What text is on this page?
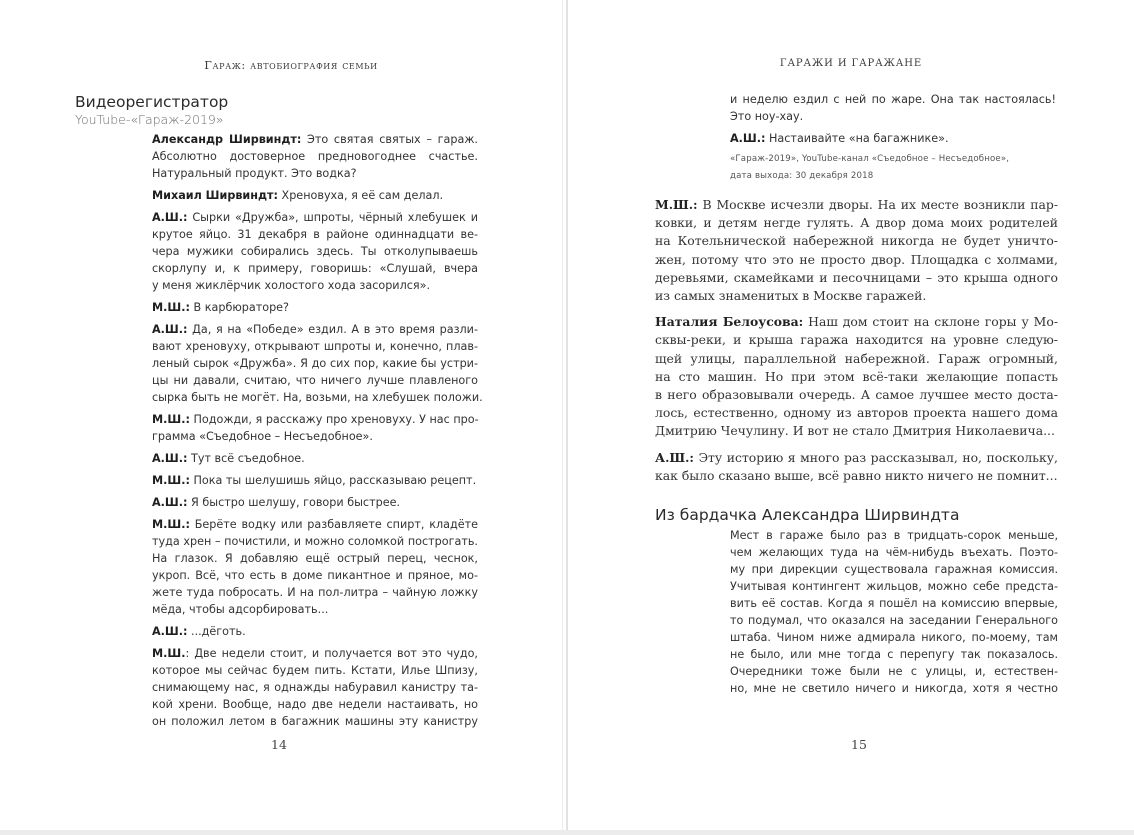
Гараж: автобиография семьи
Видеорегистратор
YouTube-«Гараж-2019»

Александр Ширвиндт: Это святая святых – гараж.
Абсолютно достоверное предновогоднее счастье.
Натуральный продукт. Это водка?

Михаил Ширвиндт: Хреновуха, я её сам делал.

А.Ш.: Сырки «Дружба», шпроты, чёрный хлебушек и
крутое яйцо. 31 декабря в районе одиннадцати ве-
чера мужики собирались здесь. Ты отколупываешь
скорлупу и, к примеру, говоришь: «Слушай, вчера
у меня жиклёрчик холостого хода засорился».

М.Ш.: В карбюраторе?

А.Ш.: Да, я на «Победе» ездил. А в это время разли-
вают хреновуху, открывают шпроты и, конечно, плав-
леный сырок «Дружба». Я до сих пор, какие бы устри-
цы ни давали, считаю, что ничего лучше плавленого
сырка быть не могёт. На, возьми, на хлебушек положи.

М.Ш.: Подожди, я расскажу про хреновуху. У нас про-
грамма «Съедобное – Несъедобное».

А.Ш.: Тут всё съедобное.

М.Ш.: Пока ты шелушишь яйцо, рассказываю рецепт.

А.Ш.: Я быстро шелушу, говори быстрее.

М.Ш.: Берёте водку или разбавляете спирт, кладёте
туда хрен – почистили, и можно соломкой построгать.
На глазок. Я добавляю ещё острый перец, чеснок,
укроп. Всё, что есть в доме пикантное и пряное, мо-
жете туда побросать. И на пол-литра – чайную ложку
мёда, чтобы адсорбировать...

А.Ш.: ...дёготь.

М.Ш.: Две недели стоит, и получается вот это чудо,
которое мы сейчас будем пить. Кстати, Илье Шпизу,
снимающему нас, я однажды набуравил канистру та-
кой хрени. Вообще, надо две недели настаивать, но
он положил летом в багажник машины эту канистру

14
ГАРАЖИ И ГАРАЖАНЕ

и неделю ездил с ней по жаре. Она так настоялась!
Это ноу-хау.

А.Ш.: Настаивайте «на багажнике».

«Гараж-2019», YouTube-канал «Съедобное – Несъедобное»,
дата выхода: 30 декабря 2018

М.Ш.: В Москве исчезли дворы. На их месте возникли пар-
ковки, и детям негде гулять. А двор дома моих родителей
на Котельнической набережной никогда не будет уничто-
жен, потому что это не просто двор. Площадка с холмами,
деревьями, скамейками и песочницами – это крыша одного
из самых знаменитых в Москве гаражей.

Наталия Белоусова: Наш дом стоит на склоне горы у Мо-
сквы-реки, и крыша гаража находится на уровне следую-
щей улицы, параллельной набережной. Гараж огромный,
на сто машин. Но при этом всё-таки желающие попасть
в него образовывали очередь. А самое лучшее место доста-
лось, естественно, одному из авторов проекта нашего дома
Дмитрию Чечулину. И вот не стало Дмитрия Николаевича...

А.Ш.: Эту историю я много раз рассказывал, но, поскольку,
как было сказано выше, всё равно никто ничего не помнит...

Из бардачка Александра Ширвиндта

Мест в гараже было раз в тридцать-сорок меньше,
чем желающих туда на чём-нибудь въехать. Поэто-
му при дирекции существовала гаражная комиссия.
Учитывая контингент жильцов, можно себе предста-
вить её состав. Когда я пошёл на комиссию впервые,
то подумал, что оказался на заседании Генерального
штаба. Чином ниже адмирала никого, по-моему, там
не было, или мне тогда с перепугу так показалось.
Очередники тоже были не с улицы, и, естествен-
но, мне не светило ничего и никогда, хотя я честно

15
